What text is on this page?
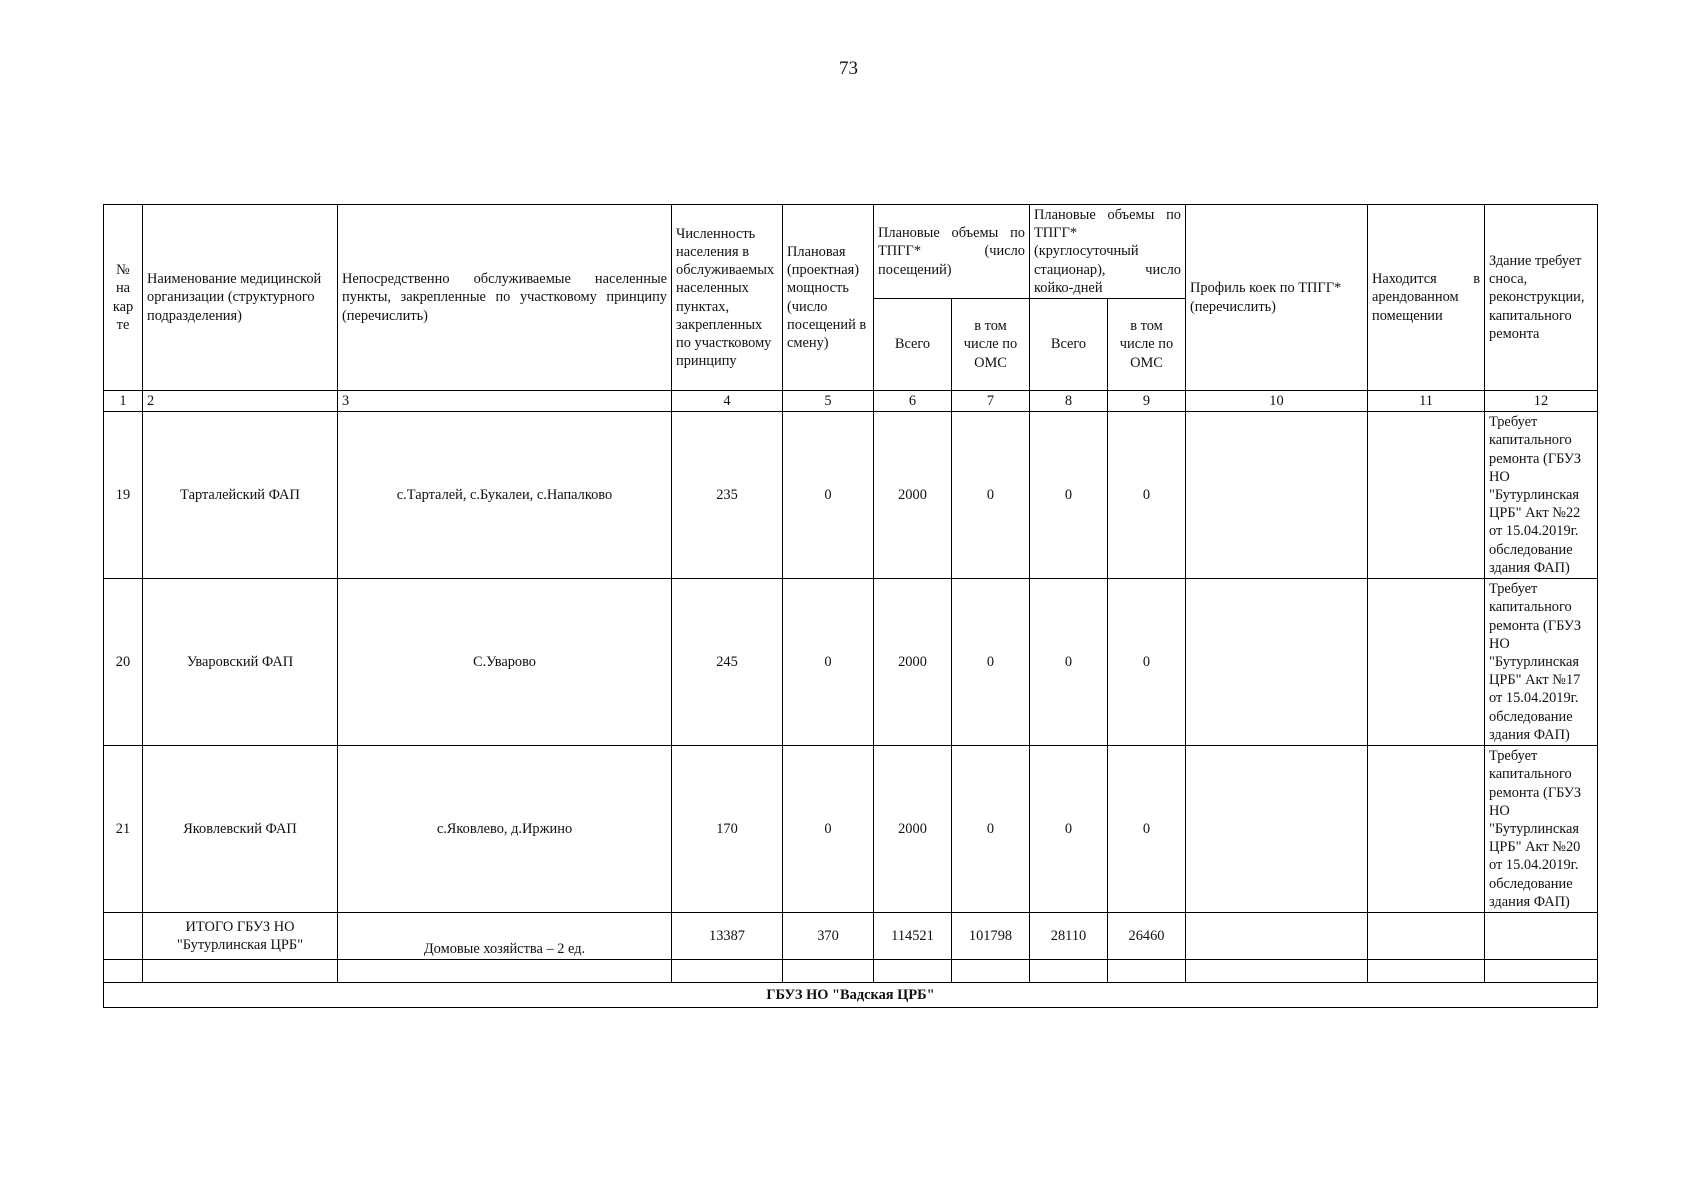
73
№ на кар те	Наименование медицинской организации (структурного подразделения)	Непосредственно обслуживаемые населенные пункты, закрепленные по участковому принципу (перечислить)	Численность населения в обслуживаемых населенных пунктах, закрепленных по участковому принципу	Плановая (проектная) мощность (число посещений в смену)	Плановые объемы по ТПГГ* (число посещений)		Плановые объемы по ТПГГ* (круглосуточный стационар), число койко-дней		Профиль коек по ТПГГ* (перечислить)	Находится в арендованном помещении	Здание требует сноса, реконструкции, капитального ремонта
					Всего	в том числе по ОМС	Всего	в том числе по ОМС			
1	2	3	4	5	6	7	8	9	10	11	12
19	Тарталейский ФАП	с.Тарталей, с.Букалеи, с.Напалково	235	0	2000	0	0	0			Требует капитального ремонта (ГБУЗ НО "Бутурлинская ЦРБ" Акт №22 от 15.04.2019г. обследование здания ФАП)
20	Уваровский ФАП	С.Уварово	245	0	2000	0	0	0			Требует капитального ремонта (ГБУЗ НО "Бутурлинская ЦРБ" Акт №17 от 15.04.2019г. обследование здания ФАП)
21	Яковлевский ФАП	с.Яковлево, д.Иржино	170	0	2000	0	0	0			Требует капитального ремонта (ГБУЗ НО "Бутурлинская ЦРБ" Акт №20 от 15.04.2019г. обследование здания ФАП)
	ИТОГО ГБУЗ НО "Бутурлинская ЦРБ"	Домовые хозяйства – 2 ед.	13387	370	114521	101798	28110	26460			

ГБУЗ НО "Вадская ЦРБ"											
